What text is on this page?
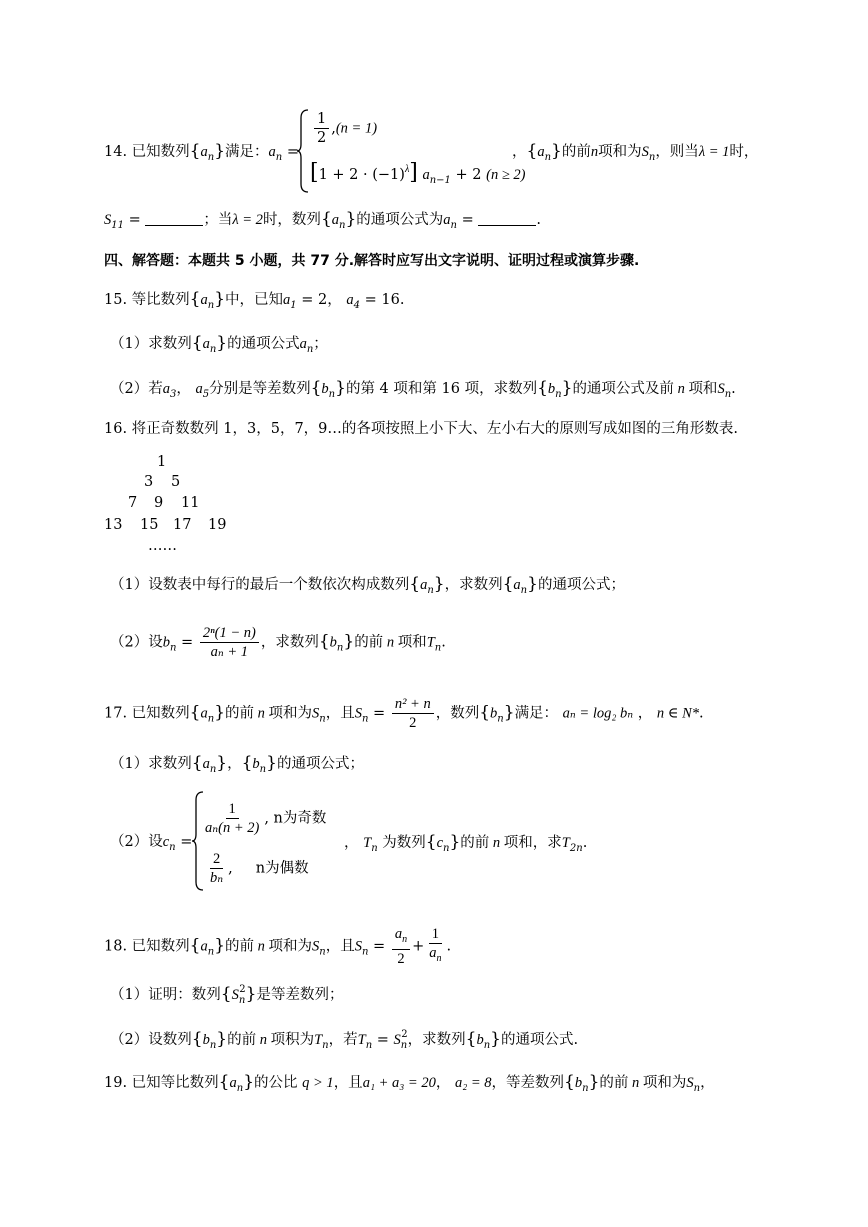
14. 已知数列$\{a_n\}$满足：$a_n$ =
$\frac{1}{2} ,(n = 1)$
$[1 + 2 \cdot (-1)^\lambda]$ $a_{n-1} + 2$ (n ≥ 2)
，$\{a_n\}$的前n项和为$S_n$，则当λ = 1时，
$S_{11}$ =	；当λ = 2时，数列$\{a_n\}$的通项公式为$a_n$ =	.
四、解答题：本题共 5 小题，共 77 分.解答时应写出文字说明、证明过程或演算步骤.
15. 等比数列$\{a_n\}$中，已知$a_1 = 2$， $a_4 = 16$.
（1）求数列$\{a_n\}$的通项公式$a_n$；
（2）若$a_3$， $a_5$分别是等差数列$\{b_n\}$的第 4 项和第 16 项，求数列$\{b_n\}$的通项公式及前 n 项和$S_n$.
16. 将正奇数数列 1，3，5，7，9…的各项按照上小下大、左小右大的原则写成如图的三角形数表.
1
3 5
7 9 11
13 15 17 19
……
（1）设数表中每行的最后一个数依次构成数列$\{a_n\}$，求数列$\{a_n\}$的通项公式；
（2）设$b_n = \frac{\text{2ⁿ(1 − n)}}{\text{aₙ + 1}}$ ，求数列$\{b_n\}$的前 n 项和$T_n$.
17. 已知数列$\{a_n\}$的前 n 项和为$S_n$，且$S_n = \frac{\text{n² + n}}{2}$ ，数列$\{b_n\}$满足： aₙ = log₂ bₙ ， n ∈ N*.
（1）求数列$\{a_n\}$，$\{b_n\}$的通项公式；
（2）设$c_n$ =
$\frac{1}{\text{aₙ(n + 2)}}$ , n为奇数
$\frac{2}{\text{bₙ}}$ ,     n为偶数
， $T_n$ 为数列$\{c_n\}$的前 n 项和，求$T_{2n}$.
18. 已知数列$\{a_n\}$的前 n 项和为$S_n$，且$S_n = \frac{a_n}{2} + \frac{1}{a_n}$ .
（1）证明：数列$\{S_n^2\}$是等差数列；
（2）设数列$\{b_n\}$的前 n 项积为$T_n$，若$T_n = S_n^2$，求数列$\{b_n\}$的通项公式.
19. 已知等比数列$\{a_n\}$的公比 q > 1，且a₁ + a₃ = 20， a₂ = 8，等差数列$\{b_n\}$的前 n 项和为$S_n$，
